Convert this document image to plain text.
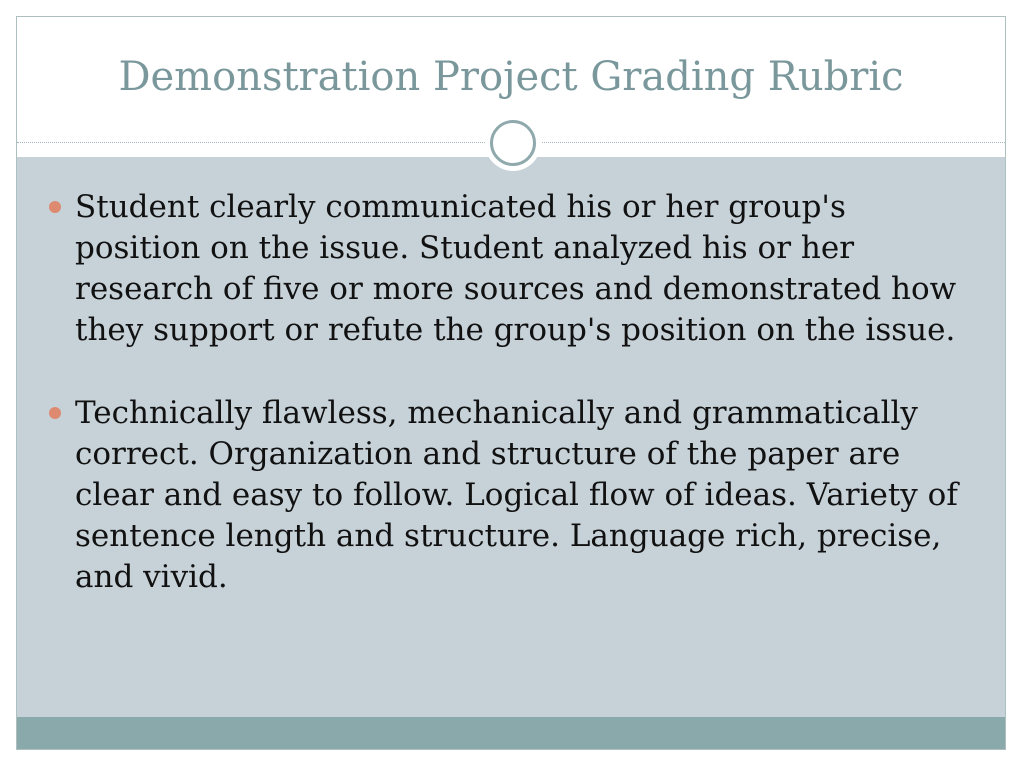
Demonstration Project Grading Rubric
Student clearly communicated his or her group's position on the issue. Student analyzed his or her research of five or more sources and demonstrated how they support or refute the group's position on the issue.
Technically flawless, mechanically and grammatically correct. Organization and structure of the paper are clear and easy to follow. Logical flow of ideas. Variety of sentence length and structure. Language rich, precise, and vivid.
